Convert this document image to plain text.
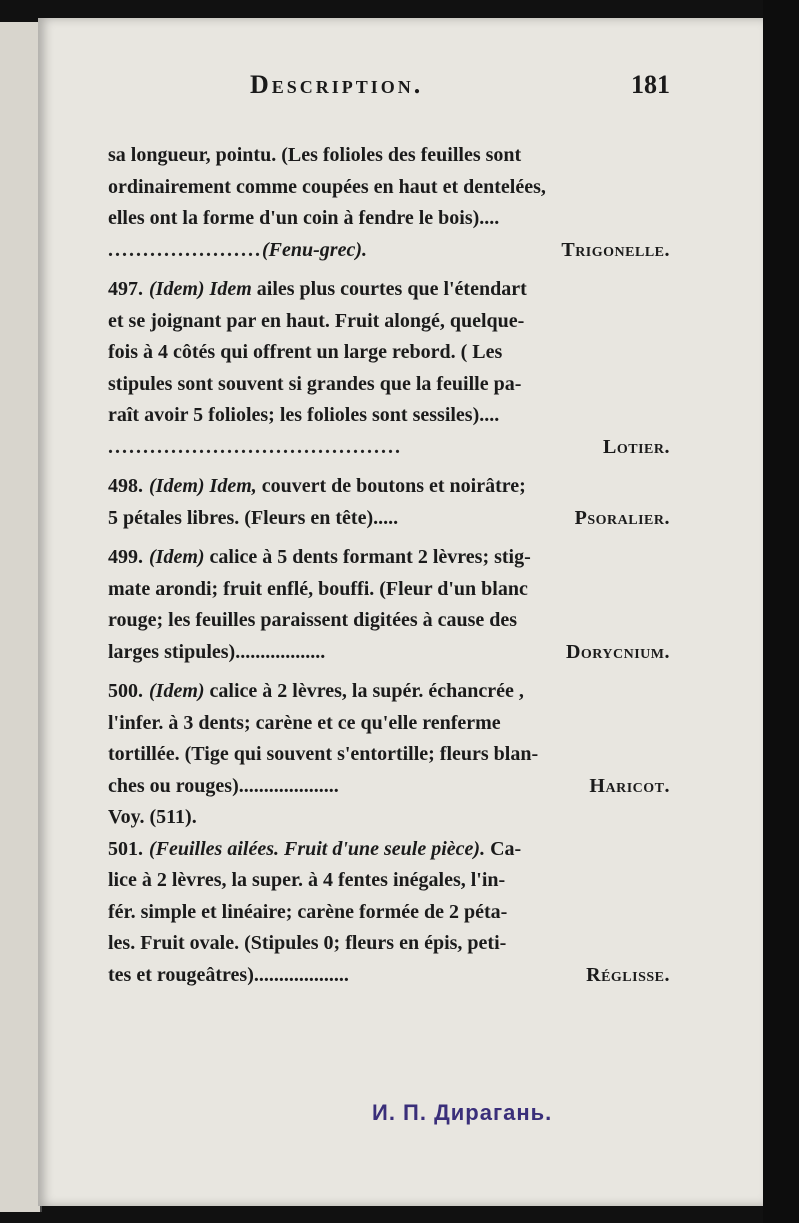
Description.	181
sa longueur, pointu. (Les folioles des feuilles sont
ordinairement comme coupées en haut et dentelées,
elles ont la forme d'un coin à fendre le bois)....
......................(Fenu-grec).	Trigonelle.
497. (Idem) Idem ailes plus courtes que l'étendart
et se joignant par en haut. Fruit alongé, quelque-
fois à 4 côtés qui offrent un large rebord. ( Les
stipules sont souvent si grandes que la feuille pa-
raît avoir 5 folioles; les folioles sont sessiles)....
..........................................	Lotier.
498. (Idem) Idem, couvert de boutons et noirâtre;
5 pétales libres. (Fleurs en tête).....	Psoralier.
499. (Idem) calice à 5 dents formant 2 lèvres; stig-
mate arondi; fruit enflé, bouffi. (Fleur d'un blanc
rouge; les feuilles paraissent digitées à cause des
larges stipules)..................	Dorycnium.
500. (Idem) calice à 2 lèvres, la supér. échancrée ,
l'infer. à 3 dents; carène et ce qu'elle renferme
tortillée. (Tige qui souvent s'entortille; fleurs blan-
ches ou rouges)....................	Haricot.
Voy. (511).
501. (Feuilles ailées. Fruit d'une seule pièce). Ca-
lice à 2 lèvres, la super. à 4 fentes inégales, l'in-
fér. simple et linéaire; carène formée de 2 péta-
les. Fruit ovale. (Stipules 0; fleurs en épis, peti-
tes et rougeâtres)...................	Réglisse.
И. П. Дирагань.
